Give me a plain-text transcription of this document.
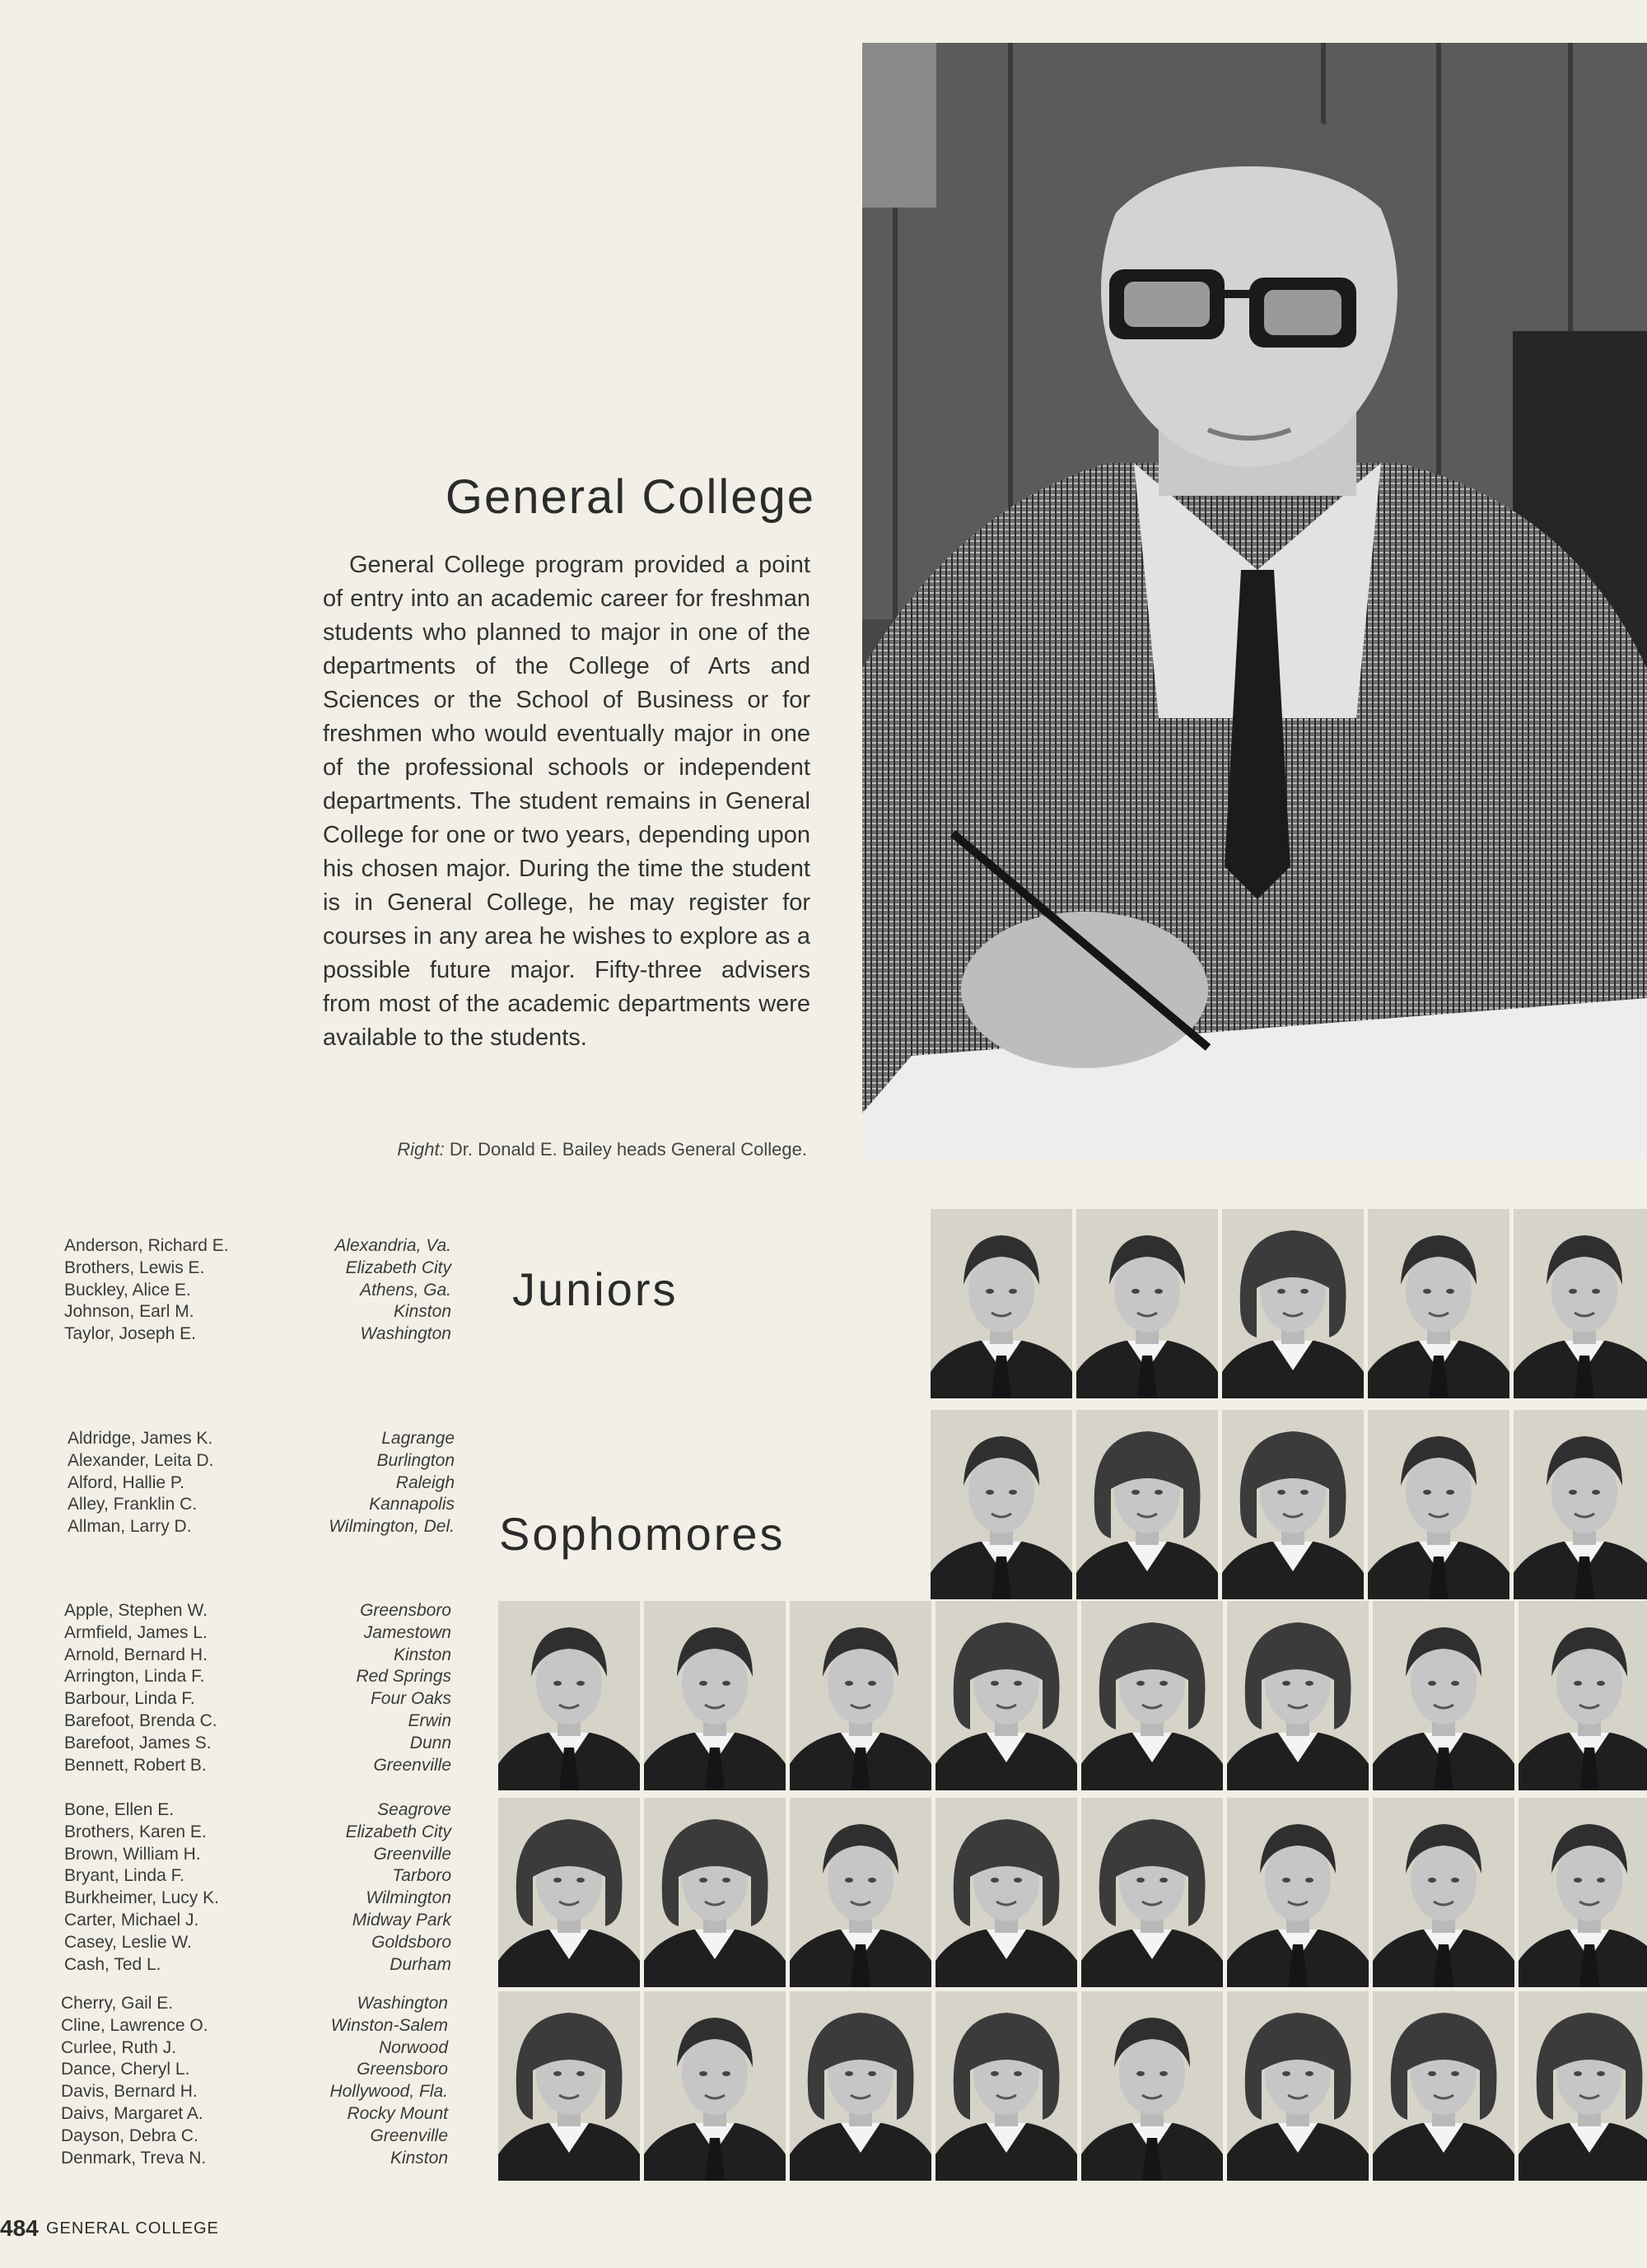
General College
General College program provided a point of entry into an academic career for freshman students who planned to major in one of the departments of the College of Arts and Sciences or the School of Business or for freshmen who would eventually major in one of the professional schools or independent departments. The student remains in General College for one or two years, depending upon his chosen major. During the time the student is in General College, he may register for courses in any area he wishes to explore as a possible future major. Fifty-three advisers from most of the academic departments were available to the students.
Right: Dr. Donald E. Bailey heads General College.
Juniors
Sophomores
Anderson, Richard E.
Brothers, Lewis E.
Buckley, Alice E.
Johnson, Earl M.
Taylor, Joseph E.
Alexandria, Va.
Elizabeth City
Athens, Ga.
Kinston
Washington
Aldridge, James K.
Alexander, Leita D.
Alford, Hallie P.
Alley, Franklin C.
Allman, Larry D.
Lagrange
Burlington
Raleigh
Kannapolis
Wilmington, Del.
Apple, Stephen W.
Armfield, James L.
Arnold, Bernard H.
Arrington, Linda F.
Barbour, Linda F.
Barefoot, Brenda C.
Barefoot, James S.
Bennett, Robert B.
Greensboro
Jamestown
Kinston
Red Springs
Four Oaks
Erwin
Dunn
Greenville
Bone, Ellen E.
Brothers, Karen E.
Brown, William H.
Bryant, Linda F.
Burkheimer, Lucy K.
Carter, Michael J.
Casey, Leslie W.
Cash, Ted L.
Seagrove
Elizabeth City
Greenville
Tarboro
Wilmington
Midway Park
Goldsboro
Durham
Cherry, Gail E.
Cline, Lawrence O.
Curlee, Ruth J.
Dance, Cheryl L.
Davis, Bernard H.
Daivs, Margaret A.
Dayson, Debra C.
Denmark, Treva N.
Washington
Winston-Salem
Norwood
Greensboro
Hollywood, Fla.
Rocky Mount
Greenville
Kinston
484 GENERAL COLLEGE
